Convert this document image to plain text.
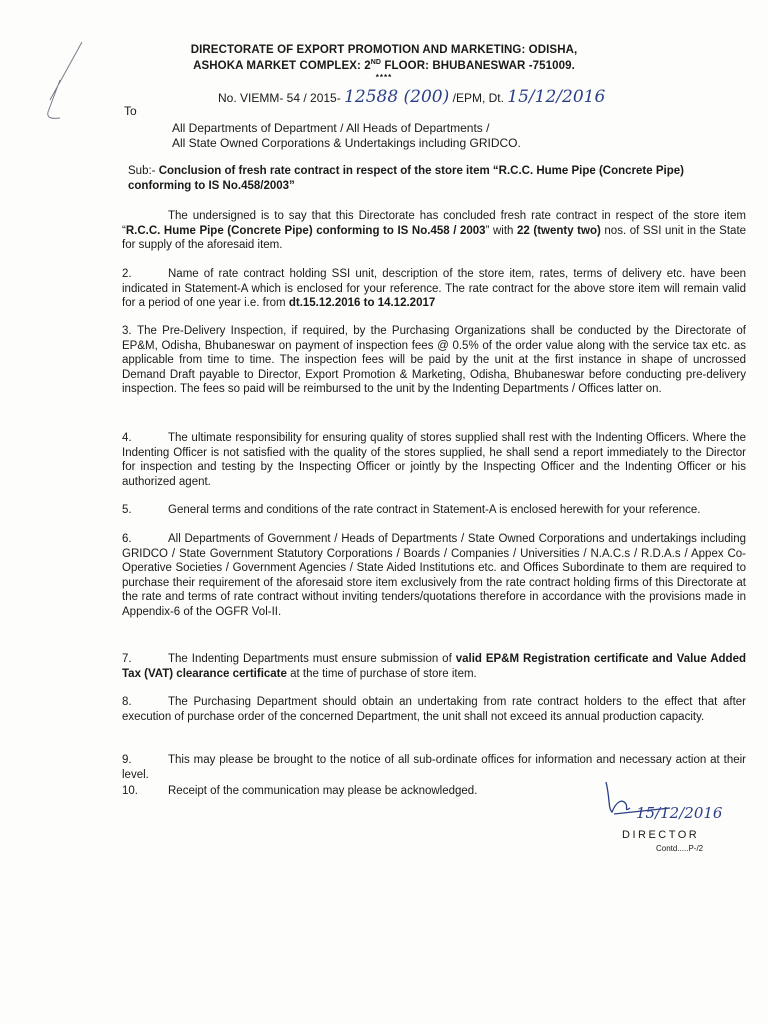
DIRECTORATE OF EXPORT PROMOTION AND MARKETING: ODISHA,
ASHOKA MARKET COMPLEX: 2ND FLOOR: BHUBANESWAR -751009.
****
No. VIEMM- 54 / 2015- 12588 (200) /EPM, Dt. 15/12/2016
To
All Departments of Department / All Heads of Departments /
All State Owned Corporations & Undertakings including GRIDCO.
Sub:- Conclusion of fresh rate contract in respect of the store item “R.C.C. Hume Pipe (Concrete Pipe) conforming to IS No.458/2003”
The undersigned is to say that this Directorate has concluded fresh rate contract in respect of the store item “R.C.C. Hume Pipe (Concrete Pipe) conforming to IS No.458 / 2003” with 22 (twenty two) nos. of SSI unit in the State for supply of the aforesaid item.
2.	Name of rate contract holding SSI unit, description of the store item, rates, terms of delivery etc. have been indicated in Statement-A which is enclosed for your reference. The rate contract for the above store item will remain valid for a period of one year i.e. from dt.15.12.2016 to 14.12.2017
3. The Pre-Delivery Inspection, if required, by the Purchasing Organizations shall be conducted by the Directorate of EP&M, Odisha, Bhubaneswar on payment of inspection fees @ 0.5% of the order value along with the service tax etc. as applicable from time to time. The inspection fees will be paid by the unit at the first instance in shape of uncrossed Demand Draft payable to Director, Export Promotion & Marketing, Odisha, Bhubaneswar before conducting pre-delivery inspection. The fees so paid will be reimbursed to the unit by the Indenting Departments / Offices latter on.
4.	The ultimate responsibility for ensuring quality of stores supplied shall rest with the Indenting Officers. Where the Indenting Officer is not satisfied with the quality of the stores supplied, he shall send a report immediately to the Director for inspection and testing by the Inspecting Officer or jointly by the Inspecting Officer and the Indenting Officer or his authorized agent.
5.	General terms and conditions of the rate contract in Statement-A is enclosed herewith for your reference.
6.	All Departments of Government / Heads of Departments / State Owned Corporations and undertakings including GRIDCO / State Government Statutory Corporations / Boards / Companies / Universities / N.A.C.s / R.D.A.s / Appex Co-Operative Societies / Government Agencies / State Aided Institutions etc. and Offices Subordinate to them are required to purchase their requirement of the aforesaid store item exclusively from the rate contract holding firms of this Directorate at the rate and terms of rate contract without inviting tenders/quotations therefore in accordance with the provisions made in Appendix-6 of the OGFR Vol-II.
7.	The Indenting Departments must ensure submission of valid EP&M Registration certificate and Value Added Tax (VAT) clearance certificate at the time of purchase of store item.
8.	The Purchasing Department should obtain an undertaking from rate contract holders to the effect that after execution of purchase order of the concerned Department, the unit shall not exceed its annual production capacity.
9.	This may please be brought to the notice of all sub-ordinate offices for information and necessary action at their level.
10.	Receipt of the communication may please be acknowledged.
15/12/2016
DIRECTOR
Contd.....P-/2
